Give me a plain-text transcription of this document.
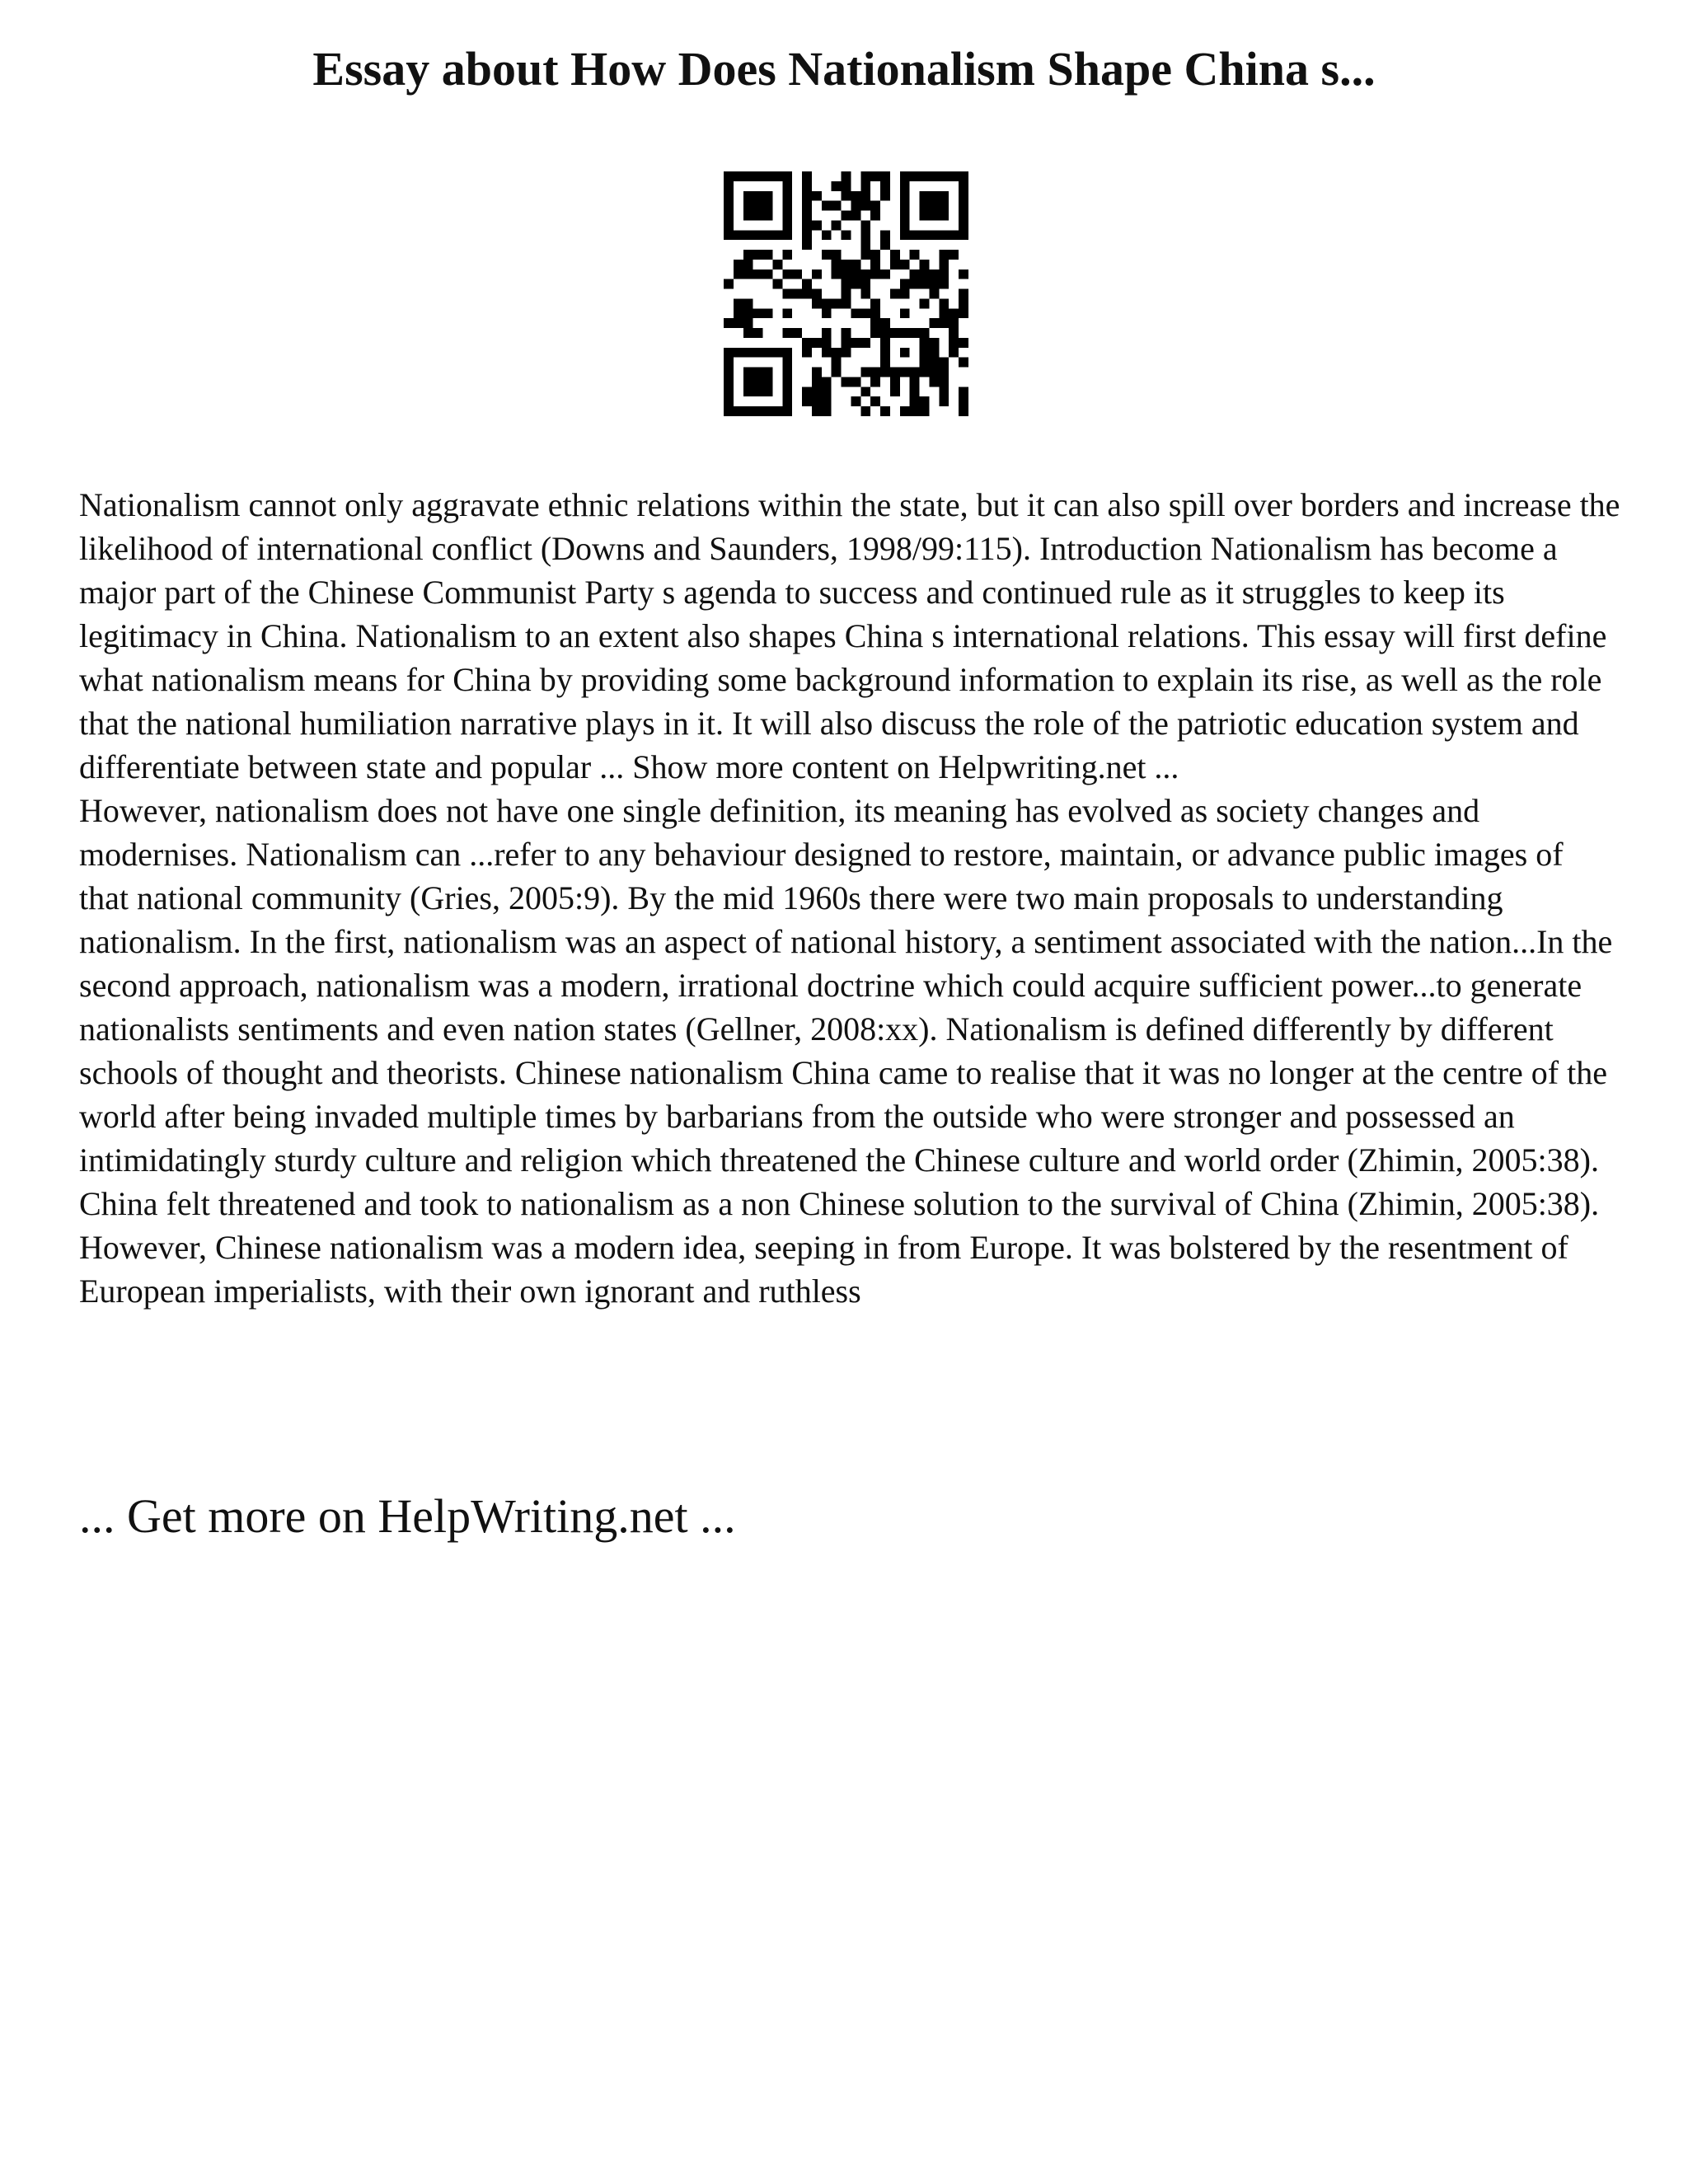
Essay about How Does Nationalism Shape China s...

Nationalism cannot only aggravate ethnic relations within the state, but it can also spill over borders and increase the likelihood of international conflict (Downs and Saunders, 1998/99:115). Introduction Nationalism has become a major part of the Chinese Communist Party s agenda to success and continued rule as it struggles to keep its legitimacy in China. Nationalism to an extent also shapes China s international relations. This essay will first define what nationalism means for China by providing some background information to explain its rise, as well as the role that the national humiliation narrative plays in it. It will also discuss the role of the patriotic education system and differentiate between state and popular ... Show more content on Helpwriting.net ...

However, nationalism does not have one single definition, its meaning has evolved as society changes and modernises. Nationalism can ...refer to any behaviour designed to restore, maintain, or advance public images of that national community (Gries, 2005:9). By the mid 1960s there were two main proposals to understanding nationalism. In the first, nationalism was an aspect of national history, a sentiment associated with the nation...In the second approach, nationalism was a modern, irrational doctrine which could acquire sufficient power...to generate nationalists sentiments and even nation states (Gellner, 2008:xx). Nationalism is defined differently by different schools of thought and theorists. Chinese nationalism China came to realise that it was no longer at the centre of the world after being invaded multiple times by barbarians from the outside who were stronger and possessed an intimidatingly sturdy culture and religion which threatened the Chinese culture and world order (Zhimin, 2005:38). China felt threatened and took to nationalism as a non Chinese solution to the survival of China (Zhimin, 2005:38). However, Chinese nationalism was a modern idea, seeping in from Europe. It was bolstered by the resentment of European imperialists, with their own ignorant and ruthless

... Get more on HelpWriting.net ...
